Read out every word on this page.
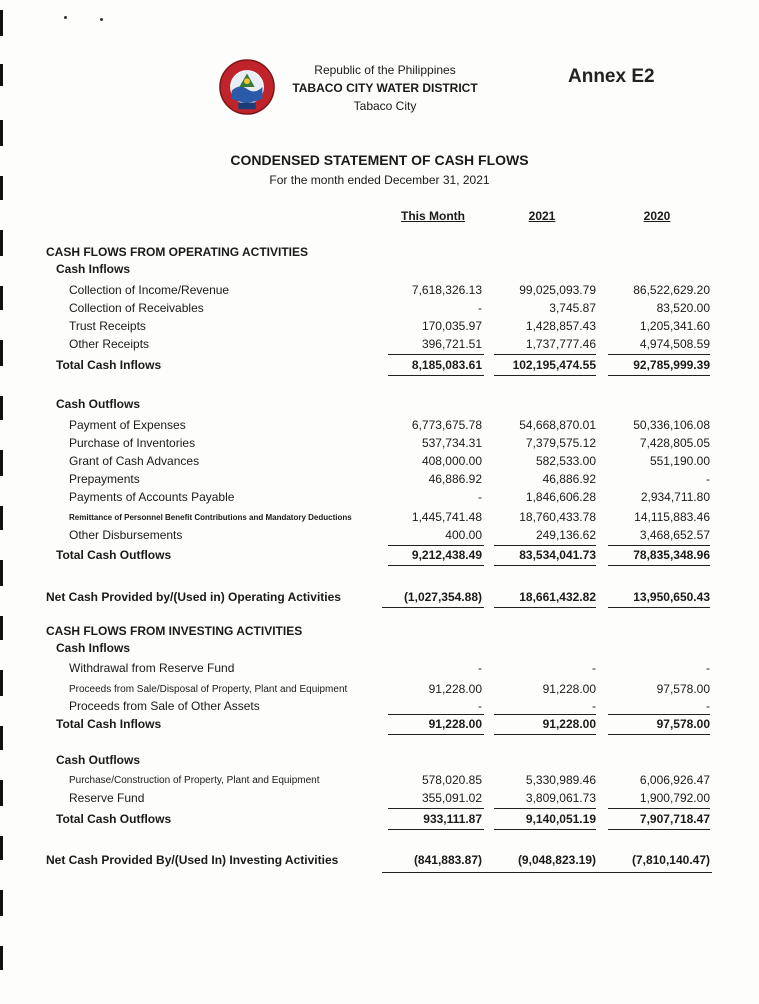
Republic of the Philippines
TABACO CITY WATER DISTRICT
Tabaco City
Annex E2
CONDENSED STATEMENT OF CASH FLOWS
For the month ended December 31, 2021
This Month	2021	2020
CASH FLOWS FROM OPERATING ACTIVITIES
Cash Inflows
Collection of Income/Revenue	7,618,326.13	99,025,093.79	86,522,629.20
Collection of Receivables	-	3,745.87	83,520.00
Trust Receipts	170,035.97	1,428,857.43	1,205,341.60
Other Receipts	396,721.51	1,737,777.46	4,974,508.59
Total Cash Inflows	8,185,083.61	102,195,474.55	92,785,999.39
Cash Outflows
Payment of Expenses	6,773,675.78	54,668,870.01	50,336,106.08
Purchase of Inventories	537,734.31	7,379,575.12	7,428,805.05
Grant of Cash Advances	408,000.00	582,533.00	551,190.00
Prepayments	46,886.92	46,886.92	-
Payments of Accounts Payable	-	1,846,606.28	2,934,711.80
Remittance of Personnel Benefit Contributions and Mandatory Deductions	1,445,741.48	18,760,433.78	14,115,883.46
Other Disbursements	400.00	249,136.62	3,468,652.57
Total Cash Outflows	9,212,438.49	83,534,041.73	78,835,348.96
Net Cash Provided by/(Used in) Operating Activities	(1,027,354.88)	18,661,432.82	13,950,650.43
CASH FLOWS FROM INVESTING ACTIVITIES
Cash Inflows
Withdrawal from Reserve Fund	-	-	-
Proceeds from Sale/Disposal of Property, Plant and Equipment	91,228.00	91,228.00	97,578.00
Proceeds from Sale of Other Assets	-	-	-
Total Cash Inflows	91,228.00	91,228.00	97,578.00
Cash Outflows
Purchase/Construction of Property, Plant and Equipment	578,020.85	5,330,989.46	6,006,926.47
Reserve Fund	355,091.02	3,809,061.73	1,900,792.00
Total Cash Outflows	933,111.87	9,140,051.19	7,907,718.47
Net Cash Provided By/(Used In) Investing Activities	(841,883.87)	(9,048,823.19)	(7,810,140.47)
